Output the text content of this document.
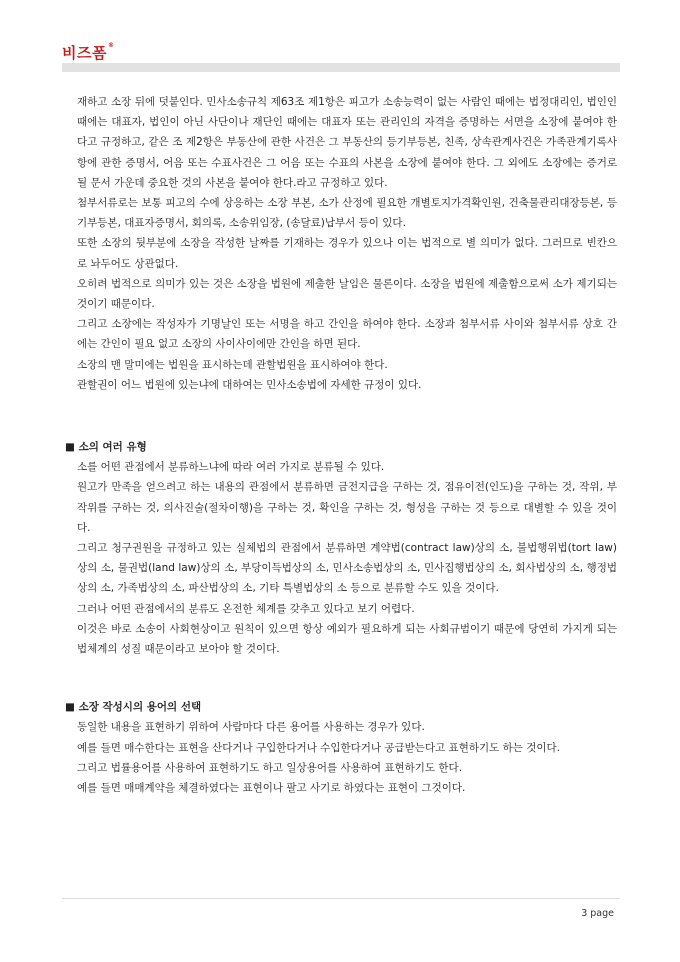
비즈폼®

재하고 소장 뒤에 덧붙인다. 민사소송규칙 제63조 제1항은 피고가 소송능력이 없는 사람인 때에는 법정대리인, 법인인 때에는 대표자, 법인이 아닌 사단이나 재단인 때에는 대표자 또는 관리인의 자격을 증명하는 서면을 소장에 붙여야 한다고 규정하고, 같은 조 제2항은 부동산에 관한 사건은 그 부동산의 등기부등본, 친족, 상속관계사건은 가족관계기록사항에 관한 증명서, 어음 또는 수표사건은 그 어음 또는 수표의 사본을 소장에 붙여야 한다. 그 외에도 소장에는 증거로 될 문서 가운데 중요한 것의 사본을 붙여야 한다.라고 규정하고 있다.

첨부서류로는 보통 피고의 수에 상응하는 소장 부본, 소가 산정에 필요한 개별토지가격확인원, 건축물관리대장등본, 등기부등본, 대표자증명서, 회의록, 소송위임장, (송달료)납부서 등이 있다.

또한 소장의 뒷부분에 소장을 작성한 날짜를 기재하는 경우가 있으나 이는 법적으로 별 의미가 없다. 그러므로 빈칸으로 놔두어도 상관없다.

오히려 법적으로 의미가 있는 것은 소장을 법원에 제출한 날임은 물론이다. 소장을 법원에 제출함으로써 소가 제기되는 것이기 때문이다.

그리고 소장에는 작성자가 기명날인 또는 서명을 하고 간인을 하여야 한다. 소장과 첨부서류 사이와 첨부서류 상호 간에는 간인이 필요 없고 소장의 사이사이에만 간인을 하면 된다.

소장의 맨 말미에는 법원을 표시하는데 관할법원을 표시하여야 한다.

관할권이 어느 법원에 있는냐에 대하여는 민사소송법에 자세한 규정이 있다.

■ 소의 여러 유형

소를 어떤 관점에서 분류하느냐에 따라 여러 가지로 분류될 수 있다.

원고가 만족을 얻으려고 하는 내용의 관점에서 분류하면 금전지급을 구하는 것, 점유이전(인도)을 구하는 것, 작위, 부작위를 구하는 것, 의사진술(절차이행)을 구하는 것, 확인을 구하는 것, 형성을 구하는 것 등으로 대별할 수 있을 것이다.

그리고 청구권원을 규정하고 있는 실체법의 관점에서 분류하면 계약법(contract law)상의 소, 불법행위법(tort law)상의 소, 물권법(land law)상의 소, 부당이득법상의 소, 민사소송법상의 소, 민사집행법상의 소, 회사법상의 소, 행정법상의 소, 가족법상의 소, 파산법상의 소, 기타 특별법상의 소 등으로 분류할 수도 있을 것이다.

그러나 어떤 관점에서의 분류도 온전한 체계를 갖추고 있다고 보기 어렵다.

이것은 바로 소송이 사회현상이고 원칙이 있으면 항상 예외가 필요하게 되는 사회규범이기 때문에 당연히 가지게 되는 법체계의 성질 때문이라고 보아야 할 것이다.

■ 소장 작성시의 용어의 선택

동일한 내용을 표현하기 위하여 사람마다 다른 용어를 사용하는 경우가 있다.

예를 들면 매수한다는 표현을 산다거나 구입한다거나 수입한다거나 공급받는다고 표현하기도 하는 것이다.

그리고 법률용어를 사용하여 표현하기도 하고 일상용어를 사용하여 표현하기도 한다.

예를 들면 매매계약을 체결하였다는 표현이나 팔고 사기로 하였다는 표현이 그것이다.

3 page
